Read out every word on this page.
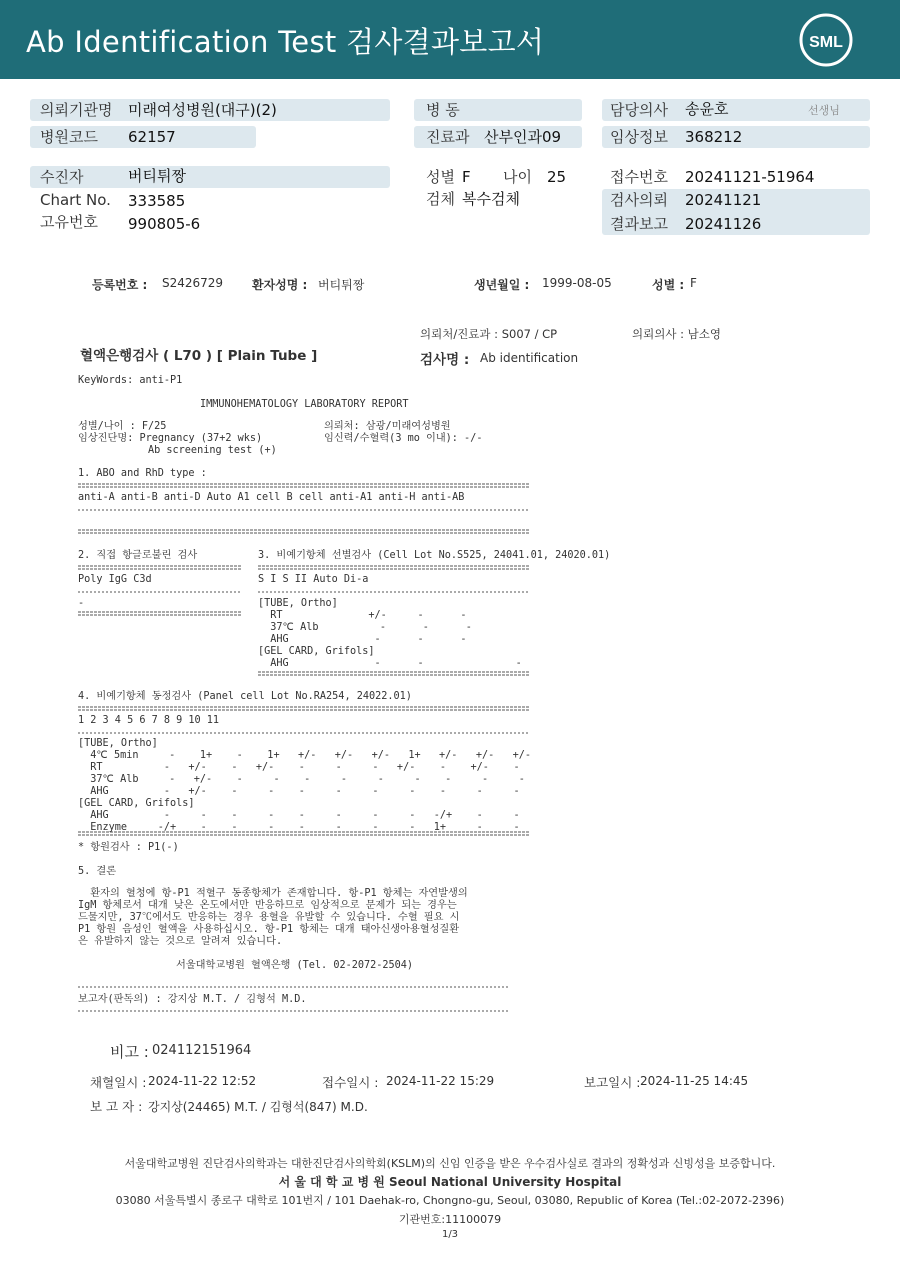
Ab Identification Test 검사결과보고서	SML
의뢰기관명 미래여성병원(대구)(2)
병원코드 62157
병 동
진료과 산부인과09
담당의사 송윤호	선생님
임상정보 368212
수진자	버티튀짱
Chart No. 333585
고유번호 990805-6
성별 F 나이 25
검체 복수검체
접수번호 20241121-51964
검사의뢰 20241121
결과보고 20241126
등록번호 : S2426729 환자성명 : 버티튀짱	생년월일 : 1999-08-05	성별 : F
의뢰처/진료과 : S007 / CP	의뢰의사 : 남소영
혈액은행검사 ( L70 ) [ Plain Tube ]	검사명 : Ab identification
KeyWords: anti-P1
IMMUNOHEMATOLOGY LABORATORY REPORT
성별/나이 : F/25	의뢰처: 삼광/미래여성병원
임상진단명: Pregnancy (37+2 wks)	임신력/수혈력(3 mo 이내): -/-
Ab screening test (+)
1. ABO and RhD type :
anti-A anti-B anti-D Auto A1 cell B cell anti-A1 anti-H anti-AB
2. 직접 항글로불린 검사	3. 비예기항체 선별검사 (Cell Lot No.S525, 24041.01, 24020.01)
Poly IgG C3d
-
S I S II Auto Di-a
[TUBE, Ortho]
RT              +/-     -      -
37℃ Alb          -      -      -
AHG              -      -      -
[GEL CARD, Grifols]
AHG              -      -               -
4. 비예기항체 동정검사 (Panel cell Lot No.RA254, 24022.01)
1 2 3 4 5 6 7 8 9 10 11
[TUBE, Ortho]
4℃ 5min     -    1+    -    1+   +/-   +/-   +/-   1+   +/-   +/-   +/-
RT          -   +/-    -   +/-    -     -     -   +/-    -    +/-    -
37℃ Alb     -   +/-    -     -    -     -     -     -    -     -     -
AHG         -   +/-    -     -    -     -     -     -    -     -     -
[GEL CARD, Grifols]
AHG         -     -    -     -    -     -     -     -   -/+    -     -
Enzyme     -/+    -    -     -    -     -     -     -   1+     -     -
* 항원검사 : P1(-)
5. 결론
환자의 혈청에 항-P1 적혈구 동종항체가 존재합니다. 항-P1 항체는 자연발생의
IgM 항체로서 대개 낮은 온도에서만 반응하므로 임상적으로 문제가 되는 경우는
드물지만, 37℃에서도 반응하는 경우 용혈을 유발할 수 있습니다. 수혈 필요 시
P1 항원 음성인 혈액을 사용하십시오. 항-P1 항체는 대개 태아신생아용혈성질환
은 유발하지 않는 것으로 알려져 있습니다.
서울대학교병원 혈액은행 (Tel. 02-2072-2504)
보고자(판독의) : 강지상 M.T. / 김형석 M.D.
비고 : 024112151964
채혈일시 : 2024-11-22 12:52	접수일시 : 2024-11-22 15:29	보고일시 : 2024-11-25 14:45
보 고 자 : 강지상(24465) M.T. / 김형석(847) M.D.
서울대학교병원 진단검사의학과는 대한진단검사의학회(KSLM)의 신임 인증을 받은 우수검사실로 결과의 정확성과 신빙성을 보증합니다.
서 울 대 학 교 병 원 Seoul National University Hospital
03080 서울특별시 종로구 대학로 101번지 / 101 Daehak-ro, Chongno-gu, Seoul, 03080, Republic of Korea (Tel.:02-2072-2396)
기관번호:11100079
1/3
